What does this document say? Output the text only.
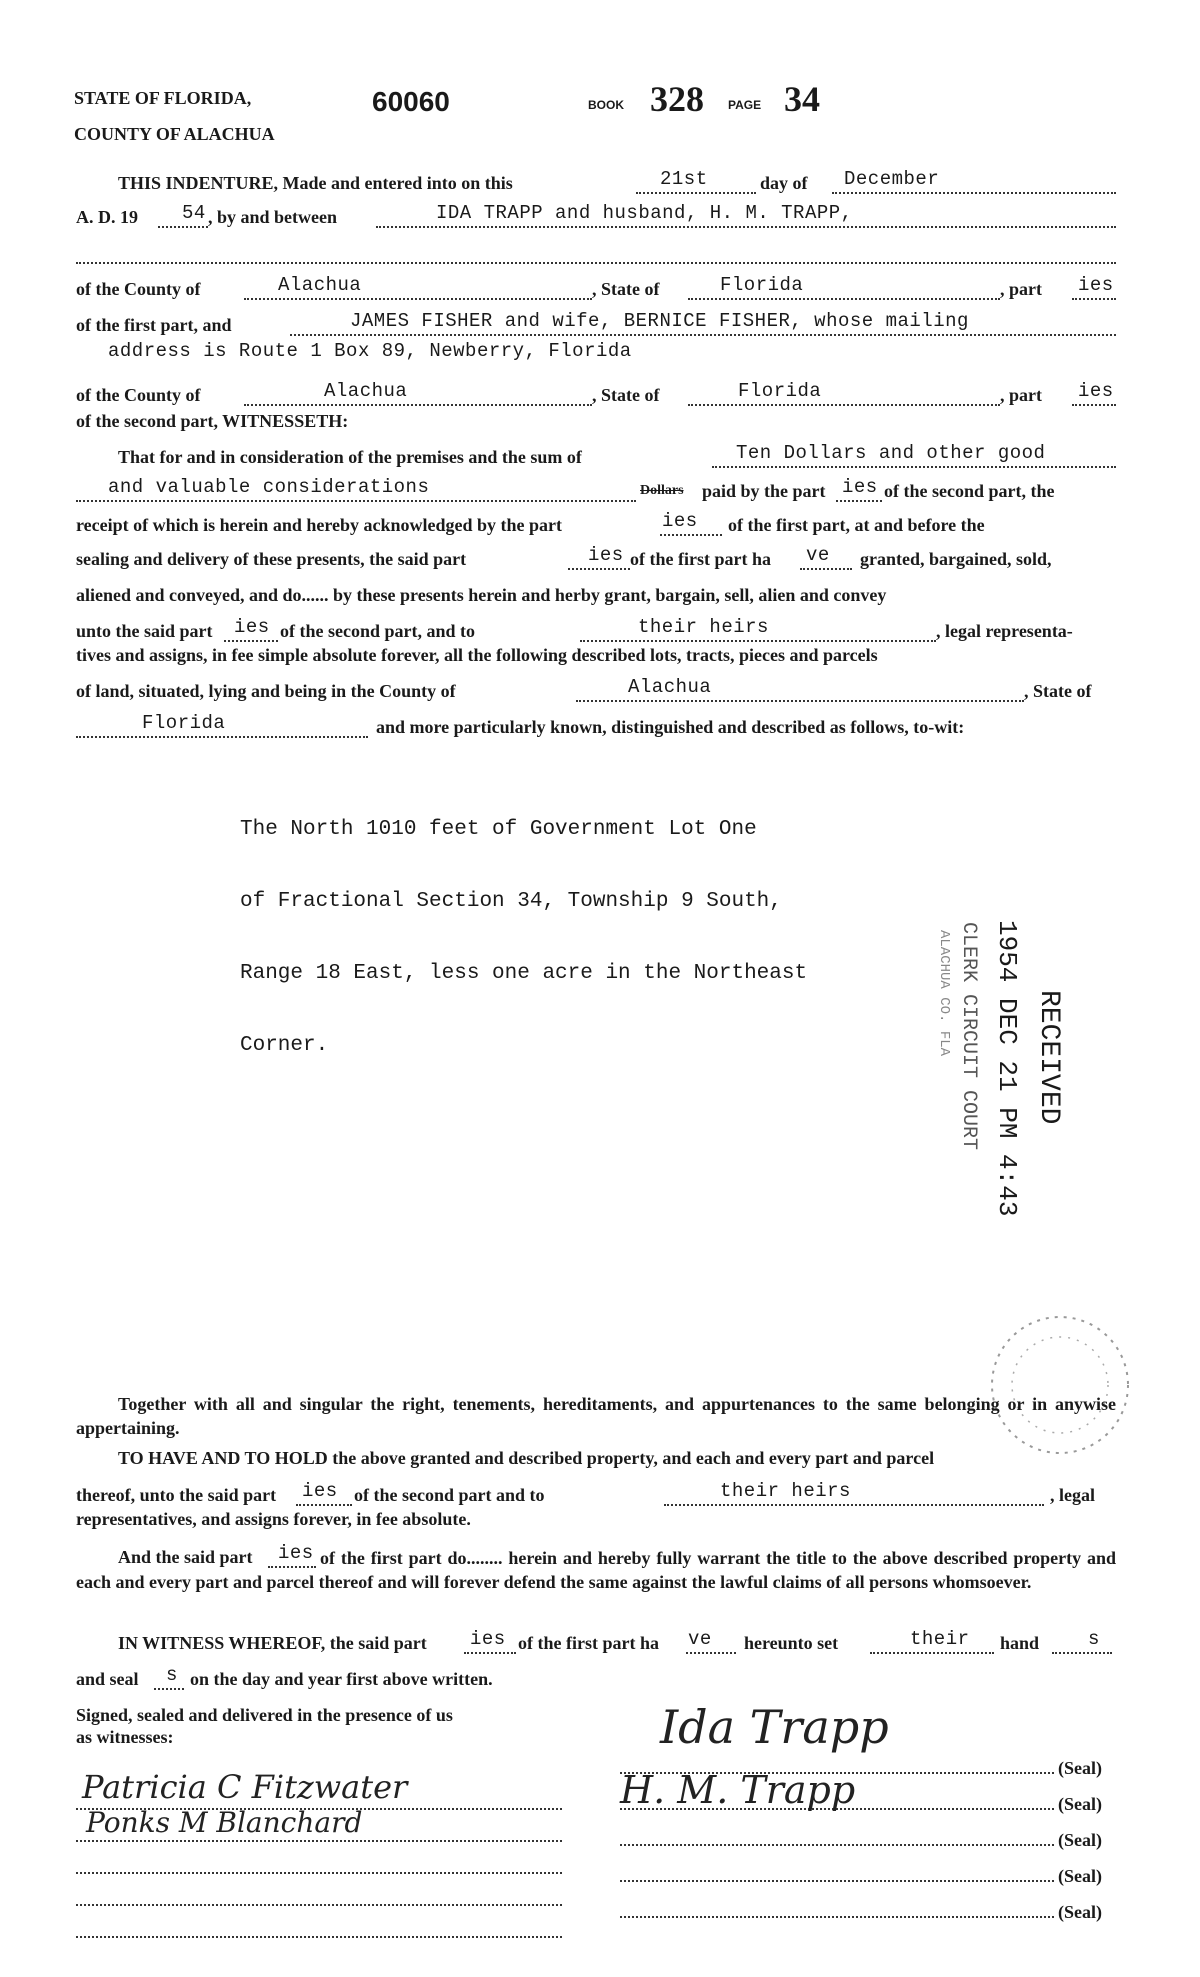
STATE OF FLORIDA,
COUNTY OF ALACHUA
60060	BOOK 328 PAGE 34
THIS INDENTURE, Made and entered into on this	21st	day of December
A. D. 19 54 , by and between	IDA TRAPP and husband, H. M. TRAPP,
of the County of	Alachua	, State of	Florida	, part ies
of the first part, and	JAMES FISHER and wife, BERNICE FISHER, whose mailing
address is Route 1 Box 89, Newberry, Florida
of the County of	Alachua	, State of	Florida	, part ies
of the second part, WITNESSETH:
That for and in consideration of the premises and the sum of	Ten Dollars and other good
and valuable considerations	Dollars paid by the part ies of the second part, the
receipt of which is herein and hereby acknowledged by the part	ies of the first part, at and before the
sealing and delivery of these presents, the said part	ies of the first part ha ve granted, bargained, sold,
aliened and conveyed, and do...... by these presents herein and herby grant, bargain, sell, alien and convey
unto the said part ies of the second part, and to	their heirs	, legal representa-
tives and assigns, in fee simple absolute forever, all the following described lots, tracts, pieces and parcels
of land, situated, lying and being in the County of	Alachua	, State of
Florida	and more particularly known, distinguished and described as follows, to-wit:

The North 1010 feet of Government Lot One

of Fractional Section 34, Township 9 South,

Range 18 East, less one acre in the Northeast

Corner.

	RECEIVED
1954 DEC 21 PM 4:43
CLERK CIRCUIT COURT
ALACHUA CO. FLA
Together with all and singular the right, tenements, hereditaments, and appurtenances to the same belonging or in anywise appertaining.
TO HAVE AND TO HOLD the above granted and described property, and each and every part and parcel
thereof, unto the said part ies of the second part and to	their heirs	, legal
representatives, and assigns forever, in fee absolute.
And the said part ies of the first part do........ herein and hereby fully warrant the title to the above described property and each and every part and parcel thereof and will forever defend the same against the lawful claims of all persons whomsoever.
IN WITNESS WHEREOF, the said part ies of the first part ha ve hereunto set	their hand	s
and seal s on the day and year first above written.
Signed, sealed and delivered in the presence of us
as witnesses:
Patricia C Fitzwater
Ponks M Blanchard
(Seal)
(Seal)
(Seal)
(Seal)
(Seal)
Ida Trapp
H. M. Trapp
